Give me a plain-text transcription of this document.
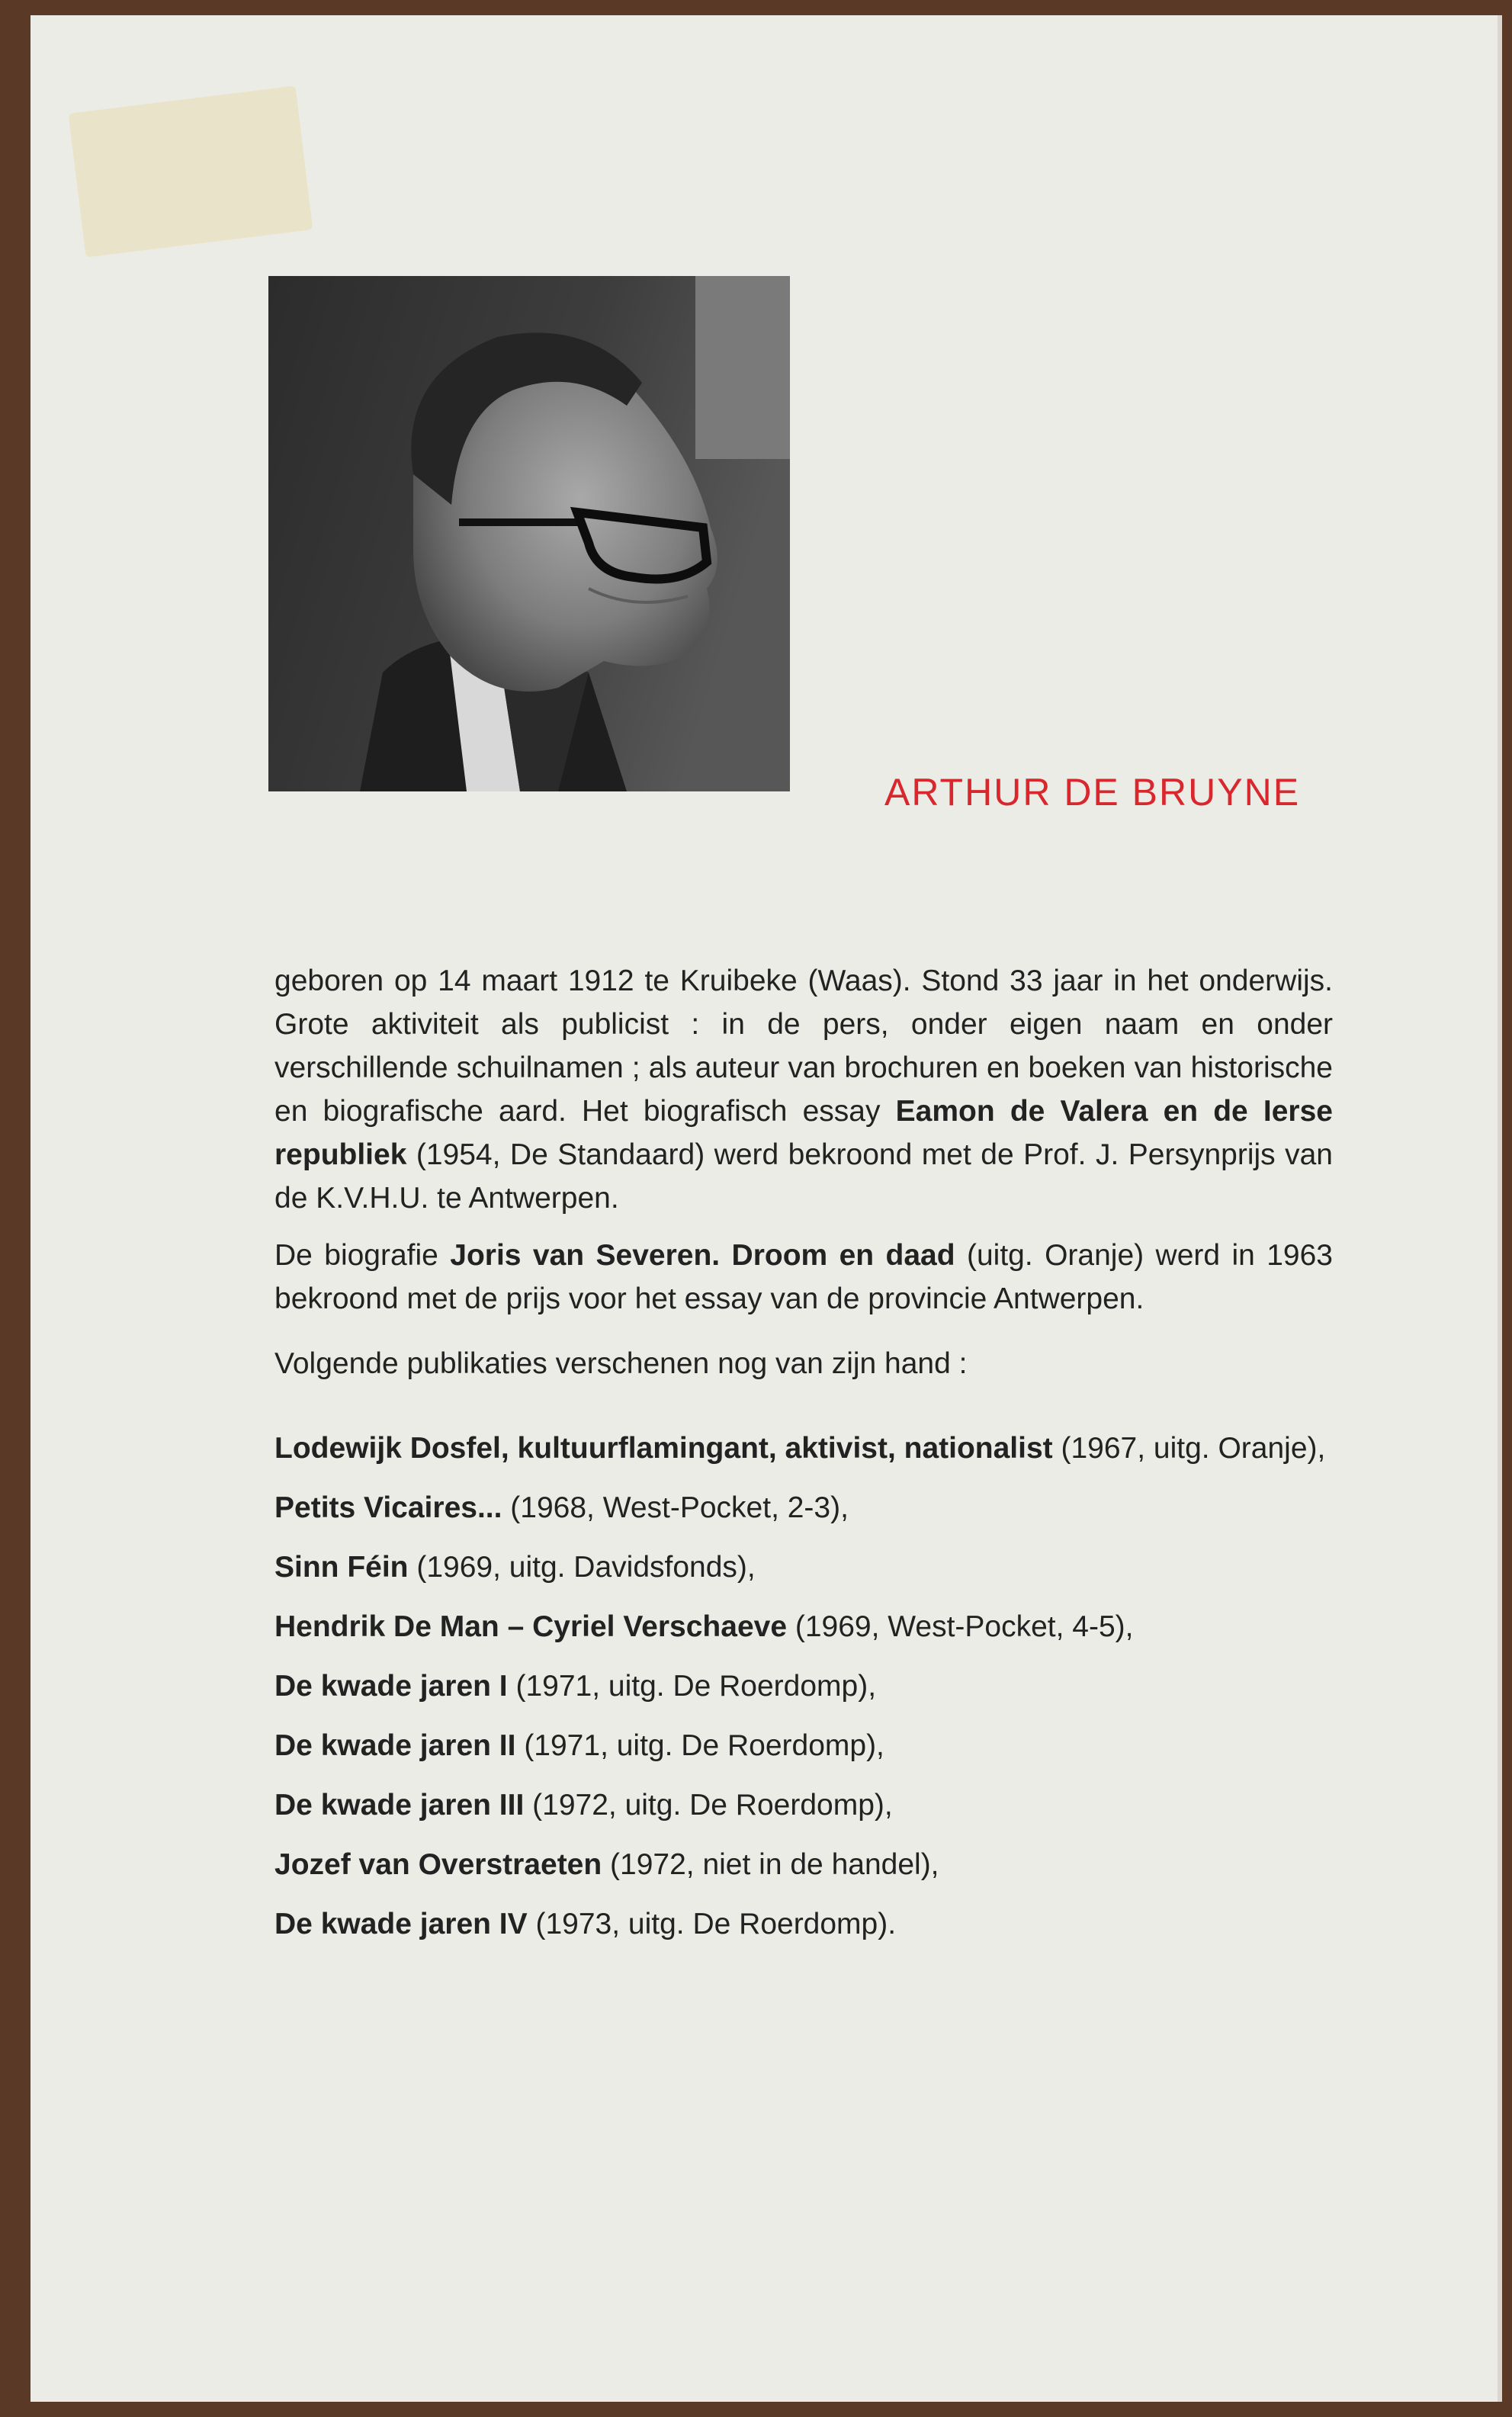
ARTHUR DE BRUYNE

geboren op 14 maart 1912 te Kruibeke (Waas). Stond 33 jaar in het onderwijs. Grote aktiviteit als publicist : in de pers, onder eigen naam en onder verschillende schuilnamen ; als auteur van brochuren en boeken van historische en biografische aard. Het biografisch essay Eamon de Valera en de Ierse republiek (1954, De Standaard) werd bekroond met de Prof. J. Persynprijs van de K.V.H.U. te Antwerpen.

De biografie Joris van Severen. Droom en daad (uitg. Oranje) werd in 1963 bekroond met de prijs voor het essay van de provincie Antwerpen.

Volgende publikaties verschenen nog van zijn hand :

Lodewijk Dosfel, kultuurflamingant, aktivist, nationalist (1967, uitg. Oranje),
Petits Vicaires... (1968, West-Pocket, 2-3),
Sinn Féin (1969, uitg. Davidsfonds),
Hendrik De Man – Cyriel Verschaeve (1969, West-Pocket, 4-5),
De kwade jaren I (1971, uitg. De Roerdomp),
De kwade jaren II (1971, uitg. De Roerdomp),
De kwade jaren III (1972, uitg. De Roerdomp),
Jozef van Overstraeten (1972, niet in de handel),
De kwade jaren IV (1973, uitg. De Roerdomp).
